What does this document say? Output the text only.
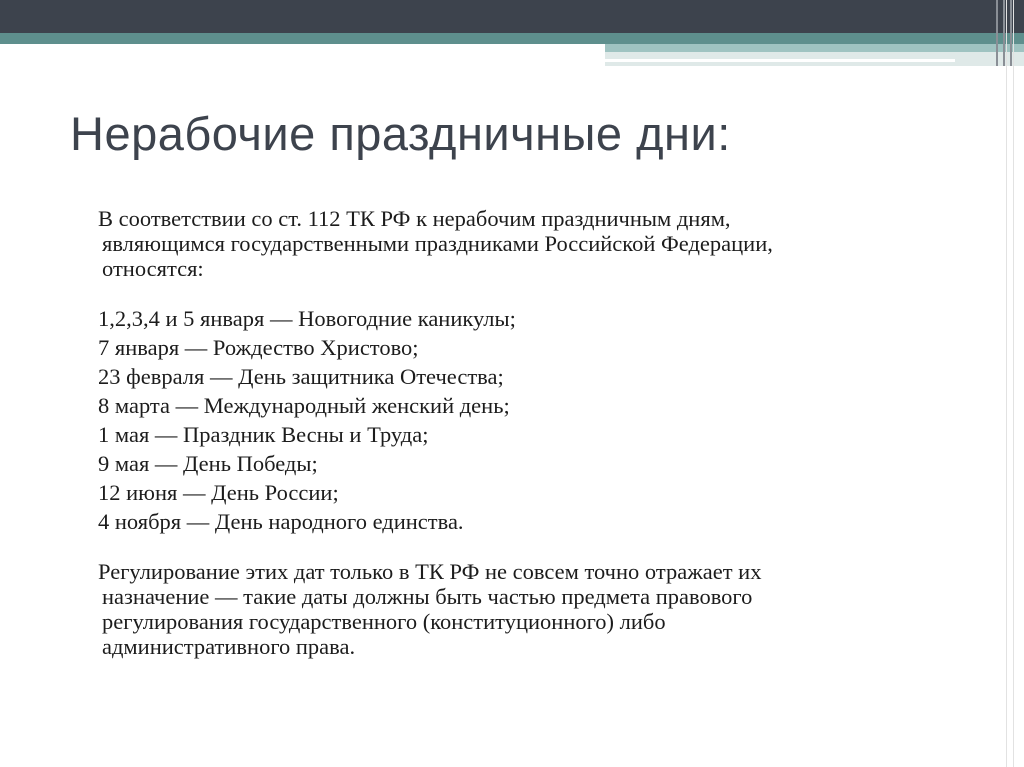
Нерабочие праздничные дни:

В соответствии со ст. 112 ТК РФ к нерабочим праздничным дням,
являющимся государственными праздниками Российской Федерации,
относятся:

1,2,3,4 и 5 января — Новогодние каникулы;
7 января — Рождество Христово;
23 февраля — День защитника Отечества;
8 марта — Международный женский день;
1 мая — Праздник Весны и Труда;
9 мая — День Победы;
12 июня — День России;
4 ноября — День народного единства.

Регулирование этих дат только в ТК РФ не совсем точно отражает их
назначение — такие даты должны быть частью предмета правового
регулирования государственного (конституционного) либо
административного права.
